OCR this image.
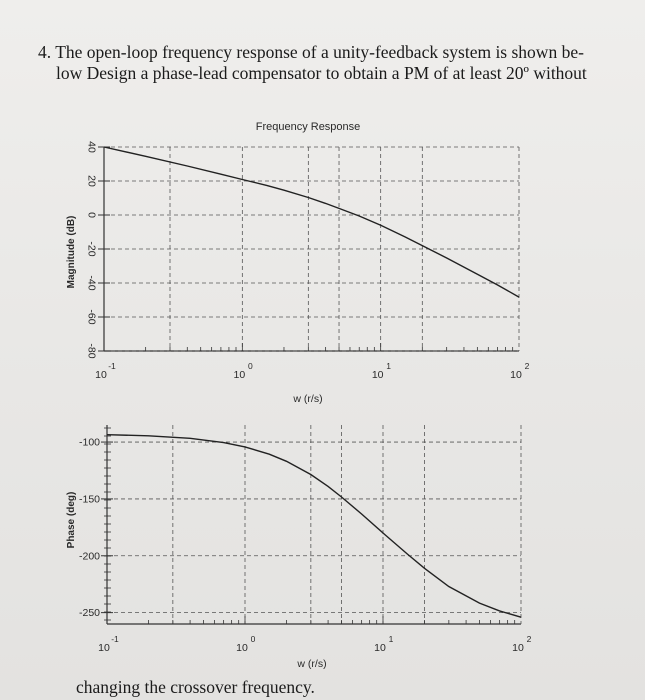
4. The open-loop frequency response of a unity-feedback system is shown be-
low Design a phase-lead compensator to obtain a PM of at least 20º without
Frequency Response
Magnitude (dB)
w (r/s)
40
20
0
-20
-40
-60
-80
10
-1
10
0
10
1
10
2
Phase (deg)
w (r/s)
-100
-150
-200
-250
10
-1
10
0
10
1
10
2
changing the crossover frequency.
